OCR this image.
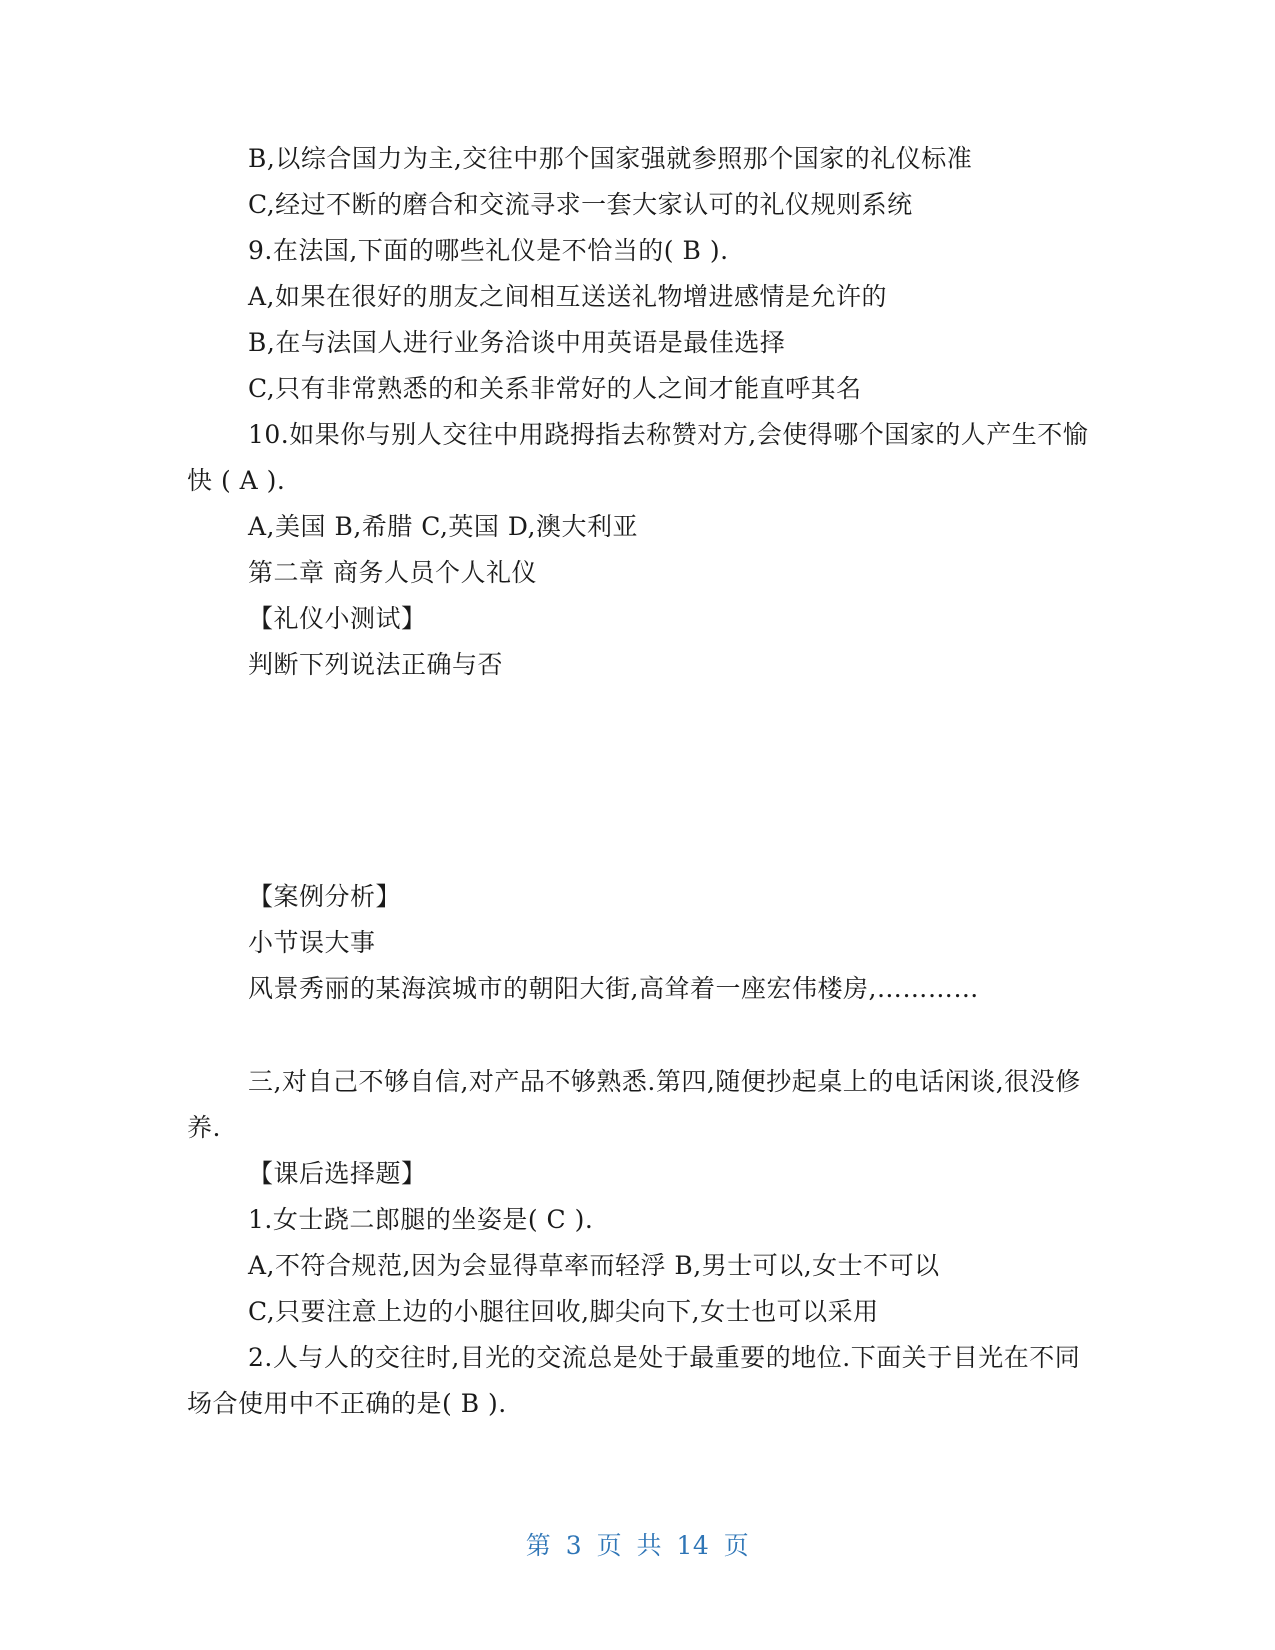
B,以综合国力为主,交往中那个国家强就参照那个国家的礼仪标准
C,经过不断的磨合和交流寻求一套大家认可的礼仪规则系统
9.在法国,下面的哪些礼仪是不恰当的( B ).
A,如果在很好的朋友之间相互送送礼物增进感情是允许的
B,在与法国人进行业务洽谈中用英语是最佳选择
C,只有非常熟悉的和关系非常好的人之间才能直呼其名
10.如果你与别人交往中用跷拇指去称赞对方,会使得哪个国家的人产生不愉
快 ( A ).
A,美国 B,希腊 C,英国 D,澳大利亚
第二章 商务人员个人礼仪
【礼仪小测试】
判断下列说法正确与否
【案例分析】
小节误大事
风景秀丽的某海滨城市的朝阳大街,高耸着一座宏伟楼房,…………
三,对自己不够自信,对产品不够熟悉.第四,随便抄起桌上的电话闲谈,很没修
养.
【课后选择题】
1.女士跷二郎腿的坐姿是( C ).
A,不符合规范,因为会显得草率而轻浮 B,男士可以,女士不可以
C,只要注意上边的小腿往回收,脚尖向下,女士也可以采用
2.人与人的交往时,目光的交流总是处于最重要的地位.下面关于目光在不同
场合使用中不正确的是( B ).
第 3 页 共 14 页
